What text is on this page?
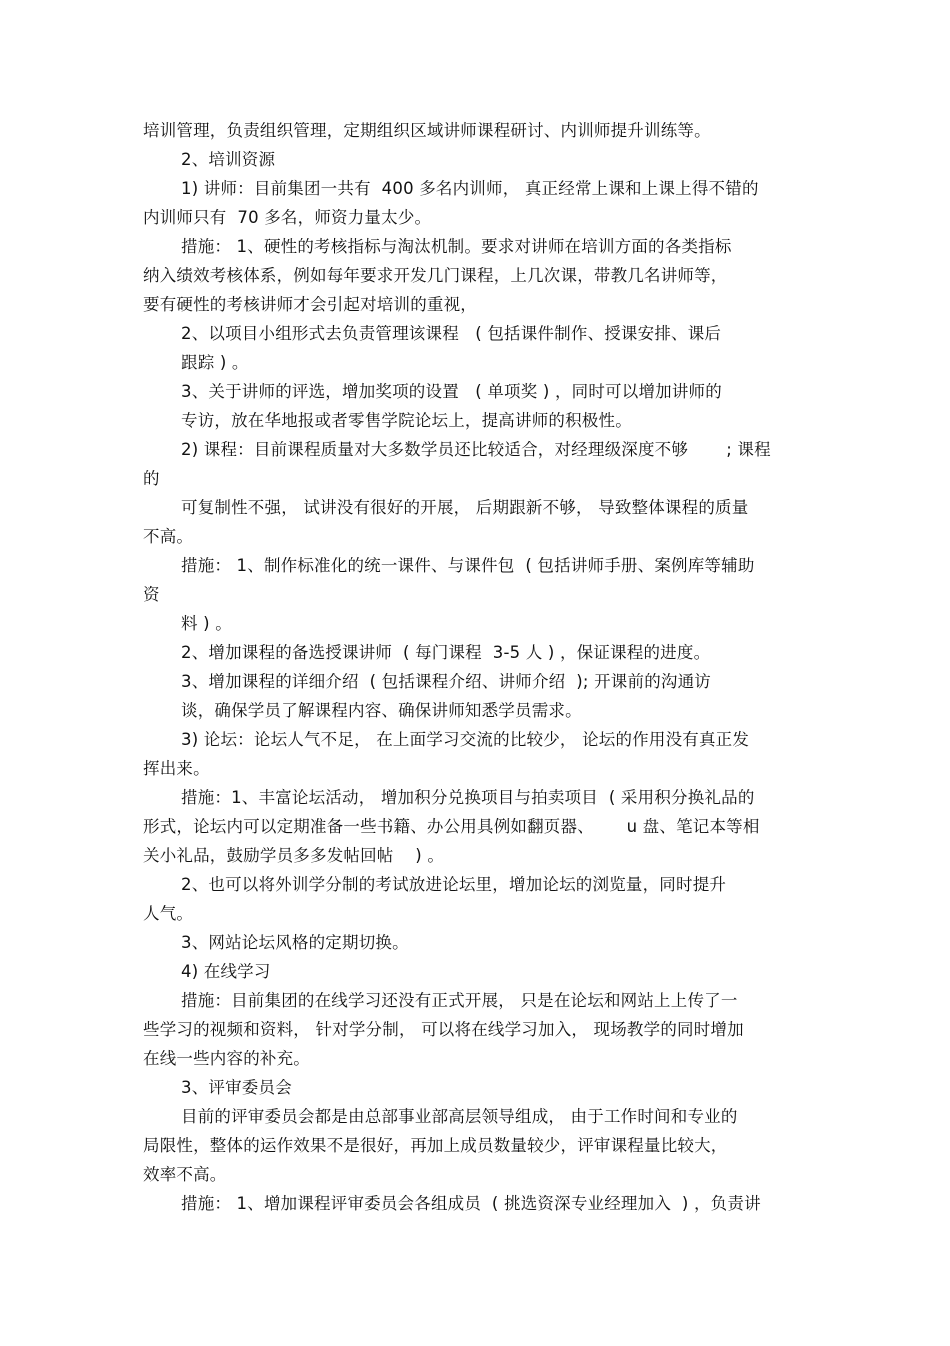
培训管理，负责组织管理，定期组织区域讲师课程研讨、内训师提升训练等。
2、培训资源
1) 讲师：目前集团一共有  400 多名内训师， 真正经常上课和上课上得不错的
内训师只有  70 多名，师资力量太少。
措施： 1、硬性的考核指标与淘汰机制。要求对讲师在培训方面的各类指标
纳入绩效考核体系，例如每年要求开发几门课程，上几次课，带教几名讲师等，
要有硬性的考核讲师才会引起对培训的重视，
2、以项目小组形式去负责管理该课程   ( 包括课件制作、授课安排、课后
跟踪 ) 。
3、关于讲师的评选，增加奖项的设置   ( 单项奖 ) ，同时可以增加讲师的
专访，放在华地报或者零售学院论坛上，提高讲师的积极性。
2) 课程：目前课程质量对大多数学员还比较适合，对经理级深度不够       ; 课程
的
可复制性不强， 试讲没有很好的开展， 后期跟新不够， 导致整体课程的质量
不高。
措施： 1、制作标准化的统一课件、与课件包  ( 包括讲师手册、案例库等辅助
资
料 ) 。
2、增加课程的备选授课讲师  ( 每门课程  3-5 人 ) ，保证课程的进度。
3、增加课程的详细介绍  ( 包括课程介绍、讲师介绍  ); 开课前的沟通访
谈，确保学员了解课程内容、确保讲师知悉学员需求。
3) 论坛：论坛人气不足， 在上面学习交流的比较少， 论坛的作用没有真正发
挥出来。
措施：1、丰富论坛活动， 增加积分兑换项目与拍卖项目  ( 采用积分换礼品的
形式，论坛内可以定期准备一些书籍、办公用具例如翻页器、      u 盘、笔记本等相
关小礼品，鼓励学员多多发帖回帖    ) 。
2、也可以将外训学分制的考试放进论坛里，增加论坛的浏览量，同时提升
人气。
3、网站论坛风格的定期切换。
4) 在线学习
措施：目前集团的在线学习还没有正式开展， 只是在论坛和网站上上传了一
些学习的视频和资料， 针对学分制， 可以将在线学习加入， 现场教学的同时增加
在线一些内容的补充。
3、评审委员会
目前的评审委员会都是由总部事业部高层领导组成， 由于工作时间和专业的
局限性，整体的运作效果不是很好，再加上成员数量较少，评审课程量比较大，
效率不高。
措施： 1、增加课程评审委员会各组成员  ( 挑选资深专业经理加入  ) ，负责讲
